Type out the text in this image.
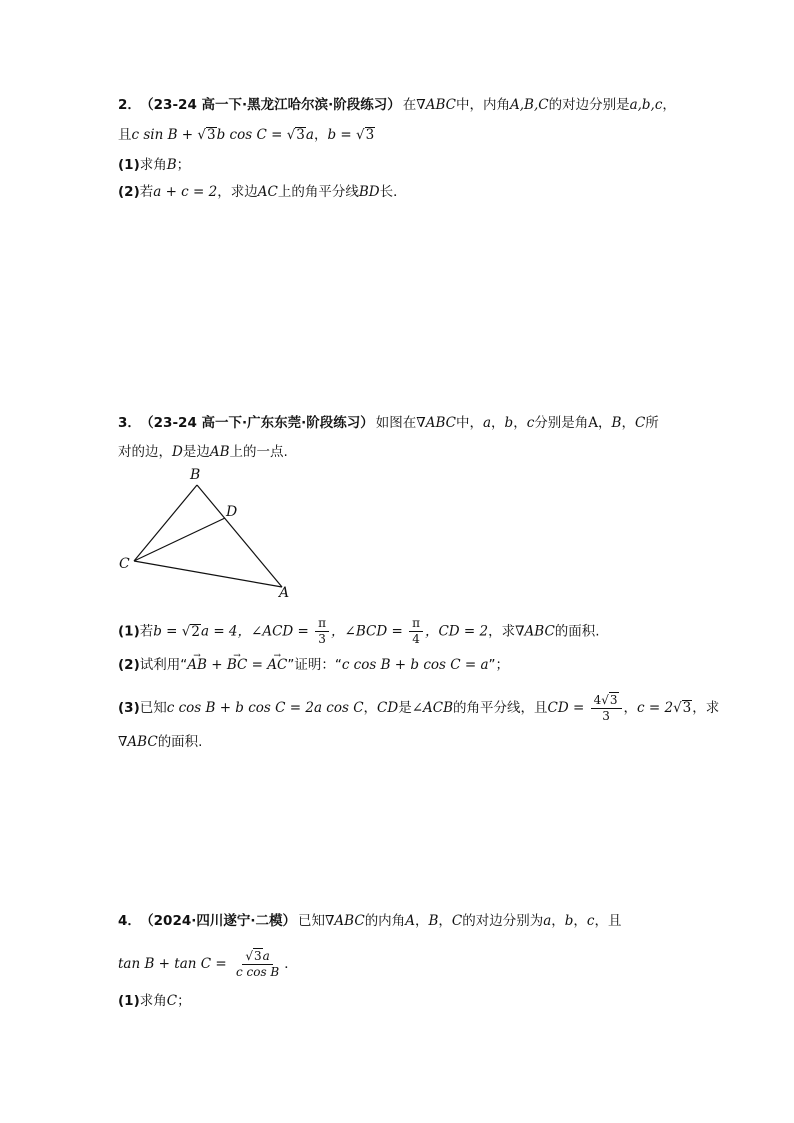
2． （23-24 高一下·黑龙江哈尔滨·阶段练习） 在∇ABC中，内角A,B,C的对边分别是a,b,c，
且c sin B + √3b cos C = √3a，b = √3
(1)求角B；
(2)若a + c = 2，求边AC上的角平分线BD长．
3． （23-24 高一下·广东东莞·阶段练习） 如图在∇ABC中，a，b，c分别是角A，B，C所
对的边，D是边AB上的一点.
B
D
C
A
(1)若b = √2a = 4，∠ACD = $\frac{\pi}{3}$ ，∠BCD = $\frac{\pi}{4}$ ，CD = 2，求∇ABC的面积.
(2)试利用“→ AB + → BC = → AC”证明：“c cos B + b cos C = a”；
(3)已知c cos B + b cos C = 2a cos C，CD是∠ACB的角平分线，且CD = $\frac{4√3}{3}$ ，c = 2√3，求
∇ABC的面积.
4． （2024·四川遂宁·二模） 已知∇ABC的内角A，B，C的对边分别为a，b，c，且
$\tan B + \tan C = \frac{√3a}{\text{c cos B}}$ ．
(1)求角C；
